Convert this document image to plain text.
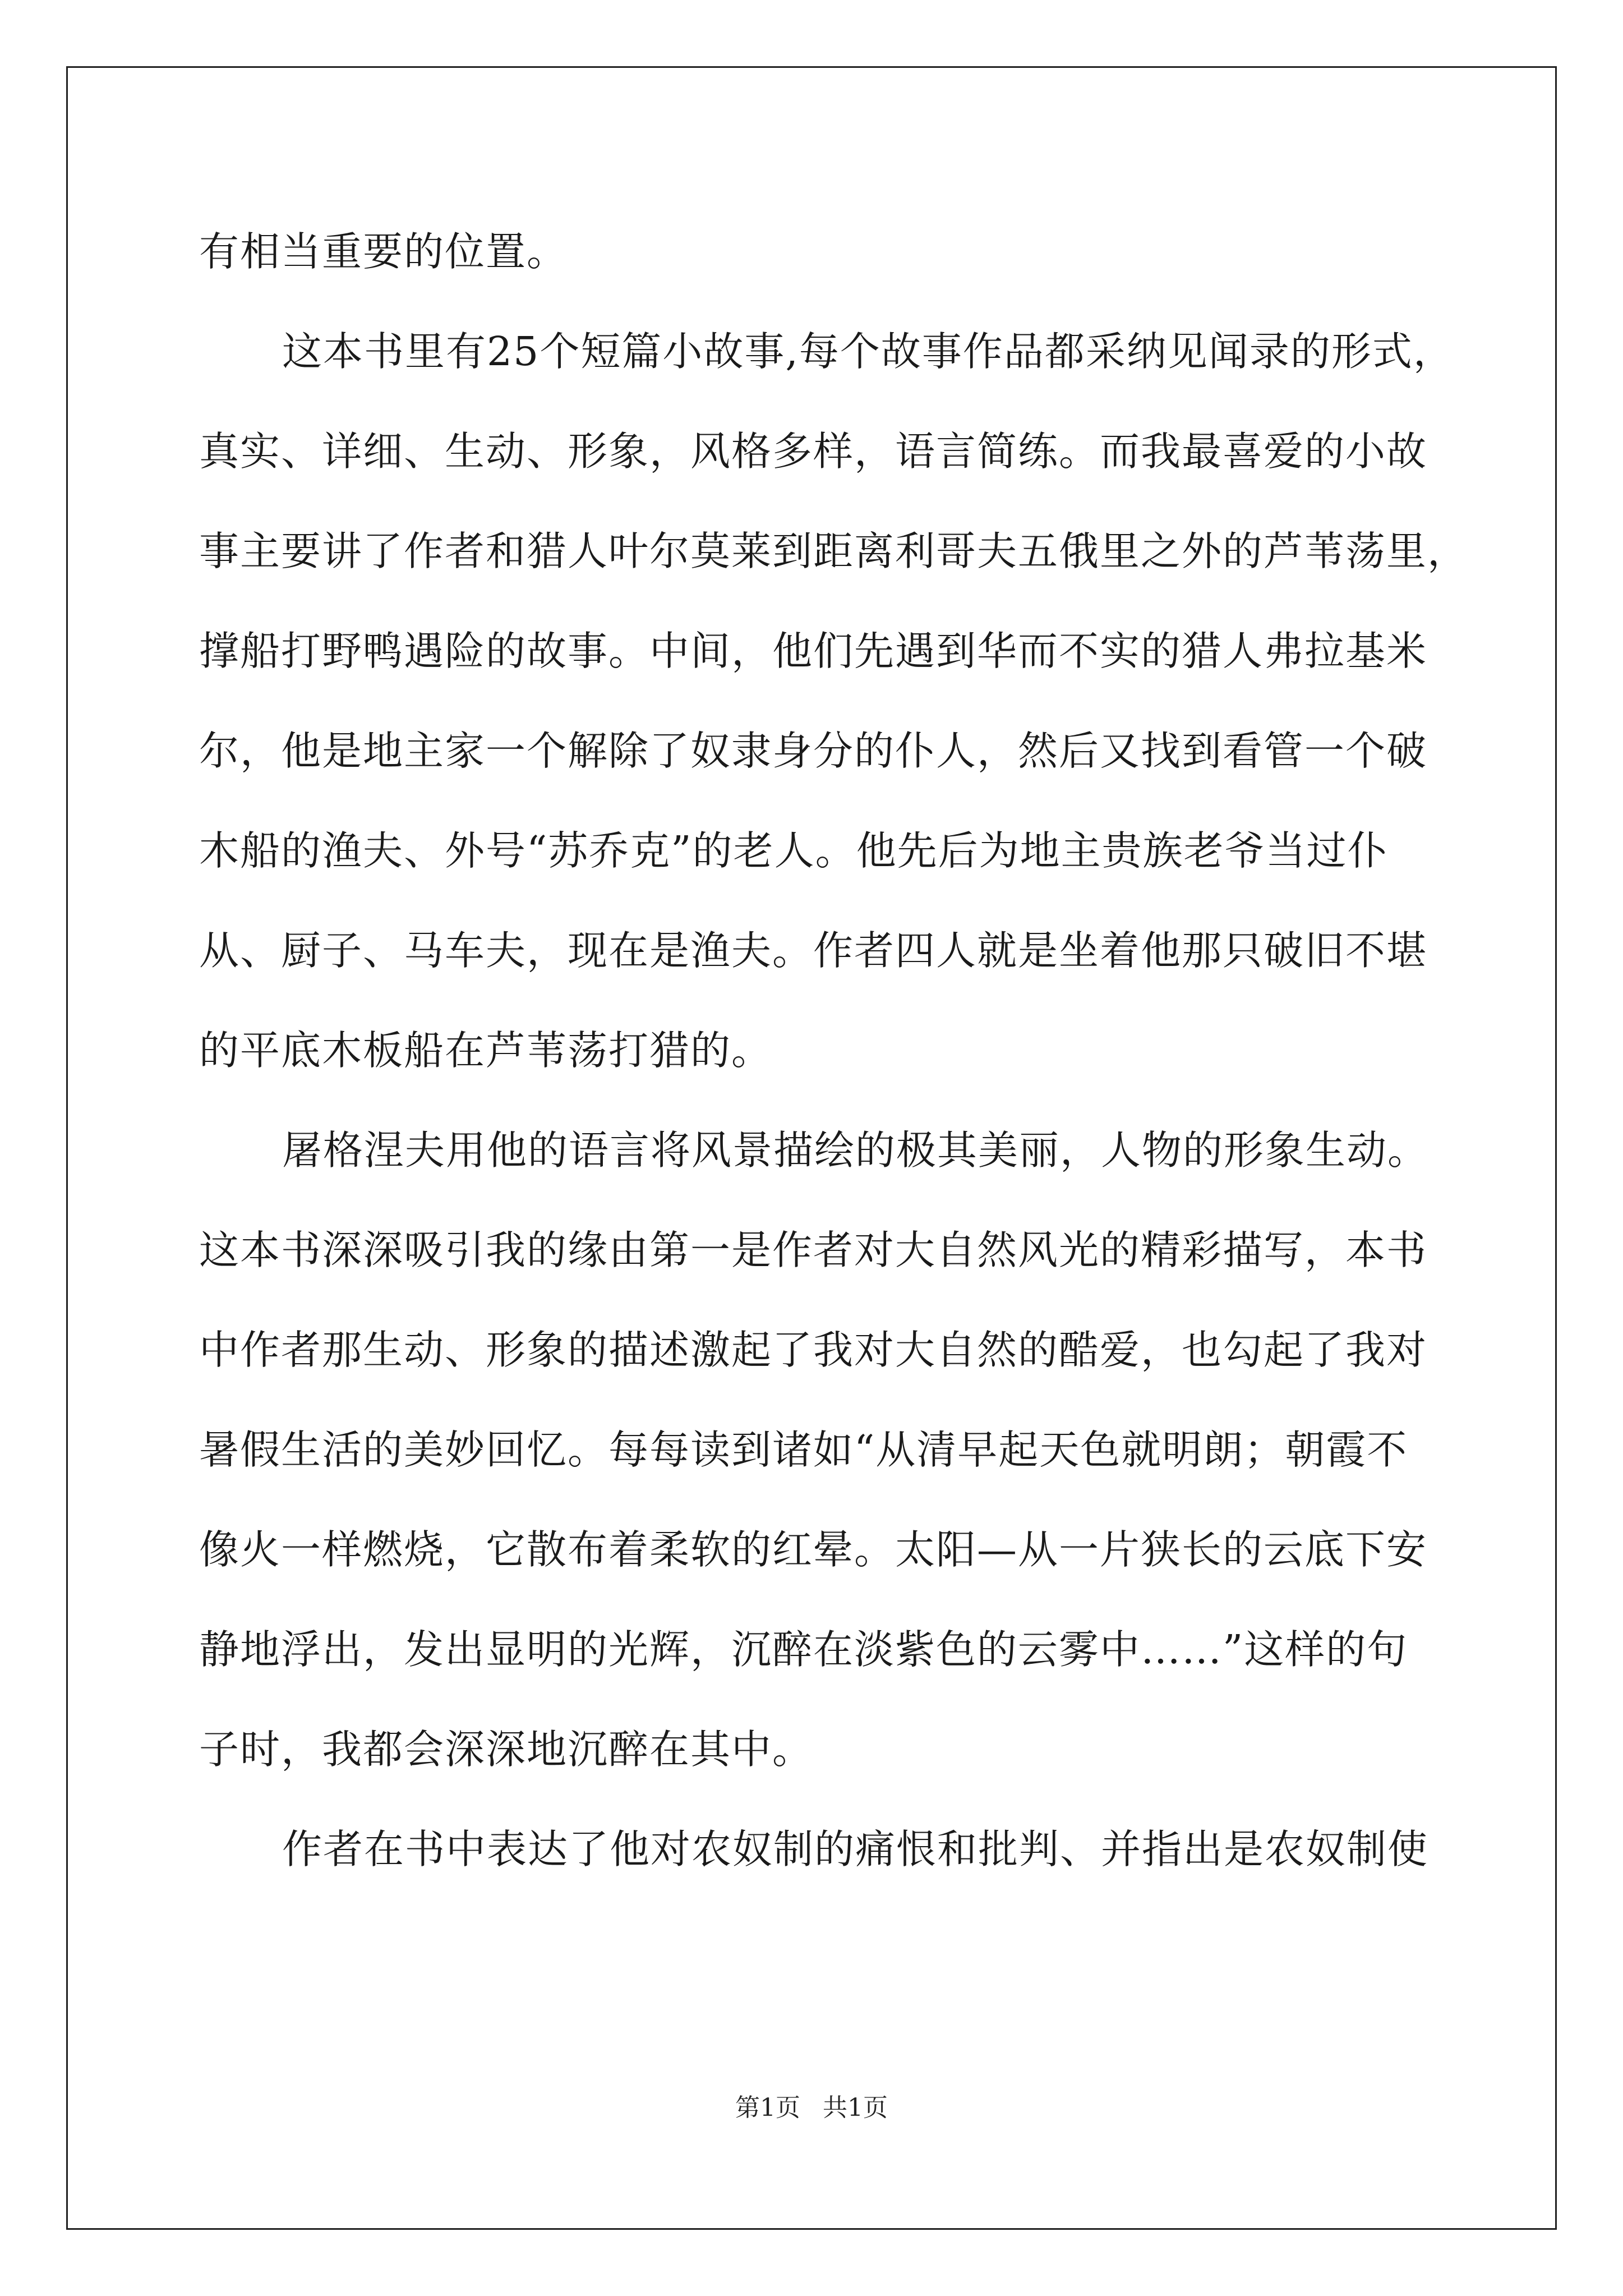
有相当重要的位置。
这本书里有25个短篇小故事,每个故事作品都采纳见闻录的形式，
真实、详细、生动、形象，风格多样，语言简练。而我最喜爱的小故
事主要讲了作者和猎人叶尔莫莱到距离利哥夫五俄里之外的芦苇荡里，
撑船打野鸭遇险的故事。中间，他们先遇到华而不实的猎人弗拉基米
尔，他是地主家一个解除了奴隶身分的仆人，然后又找到看管一个破
木船的渔夫、外号“苏乔克”的老人。他先后为地主贵族老爷当过仆
从、厨子、马车夫，现在是渔夫。作者四人就是坐着他那只破旧不堪
的平底木板船在芦苇荡打猎的。
屠格涅夫用他的语言将风景描绘的极其美丽，人物的形象生动。
这本书深深吸引我的缘由第一是作者对大自然风光的精彩描写，本书
中作者那生动、形象的描述激起了我对大自然的酷爱，也勾起了我对
暑假生活的美妙回忆。每每读到诸如“从清早起天色就明朗；朝霞不
像火一样燃烧，它散布着柔软的红晕。太阳—从一片狭长的云底下安
静地浮出，发出显明的光辉，沉醉在淡紫色的云雾中……”这样的句
子时，我都会深深地沉醉在其中。
作者在书中表达了他对农奴制的痛恨和批判、并指出是农奴制使
第1页 共1页
